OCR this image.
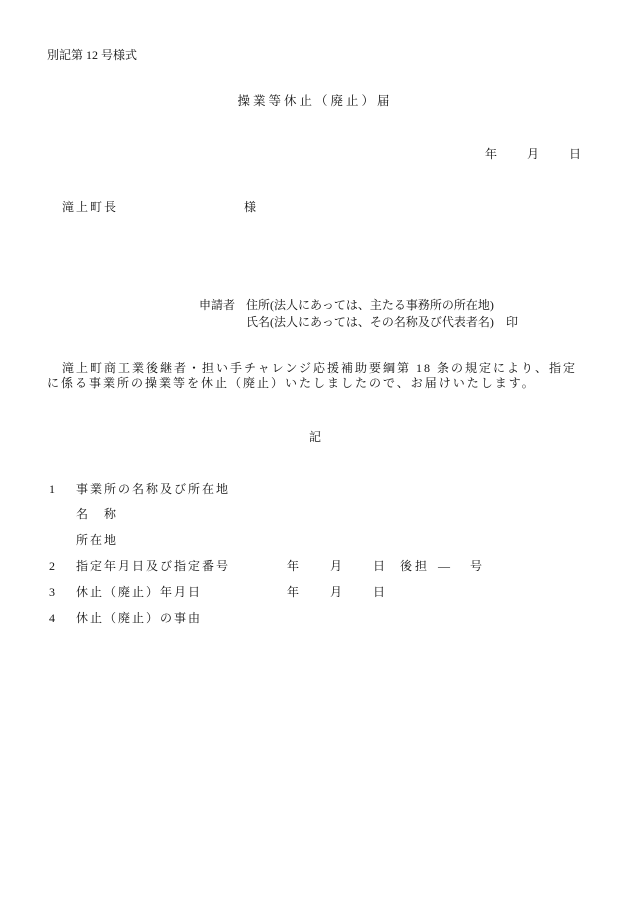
別記第 12 号様式
操業等休止（廃止）届
年 月 日
滝上町長	様
申請者 住所(法人にあっては、主たる事務所の所在地)
氏名(法人にあっては、その名称及び代表者名) 印
滝上町商工業後継者・担い手チャレンジ応援補助要綱第 18 条の規定により、指定
に係る事業所の操業等を休止（廃止）いたしましたので、お届けいたします。
記
1 事業所の名称及び所在地
名　称
所在地
2 指定年月日及び指定番号	年	月	日 後担 — 号
3 休止（廃止）年月日	年	月	日
4 休止（廃止）の事由
